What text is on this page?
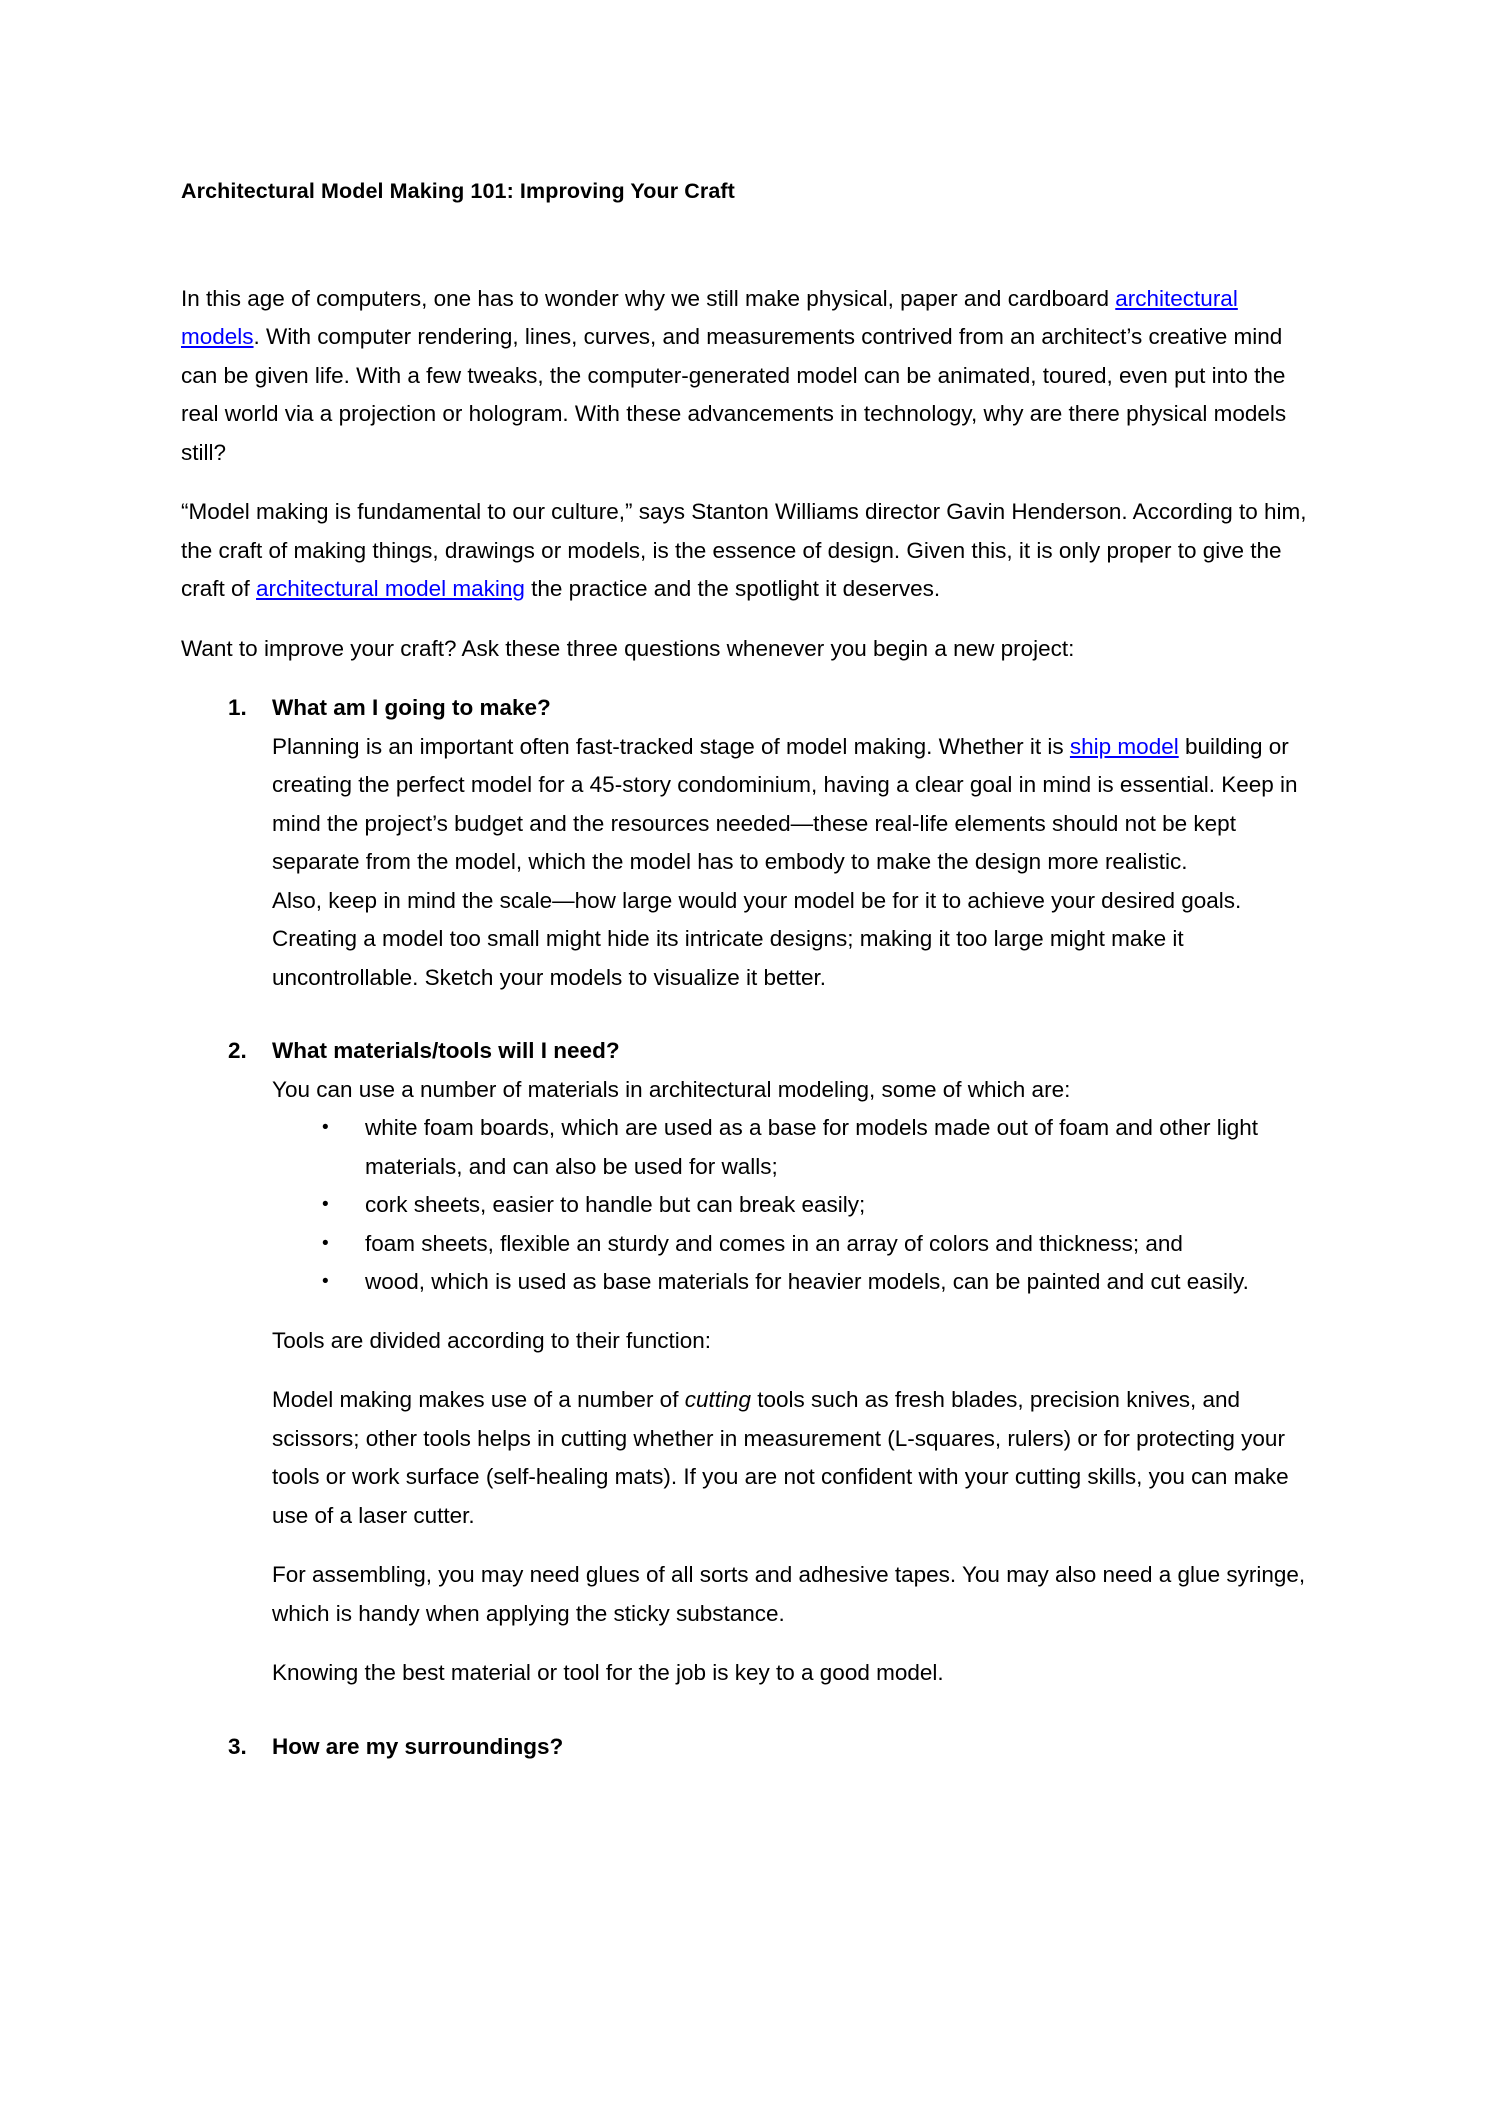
Architectural Model Making 101: Improving Your Craft

In this age of computers, one has to wonder why we still make physical, paper and cardboard architectural models. With computer rendering, lines, curves, and measurements contrived from an architect’s creative mind can be given life. With a few tweaks, the computer-generated model can be animated, toured, even put into the real world via a projection or hologram. With these advancements in technology, why are there physical models still?

“Model making is fundamental to our culture,” says Stanton Williams director Gavin Henderson. According to him, the craft of making things, drawings or models, is the essence of design. Given this, it is only proper to give the craft of architectural model making the practice and the spotlight it deserves.

Want to improve your craft? Ask these three questions whenever you begin a new project:

1. What am I going to make?
Planning is an important often fast-tracked stage of model making. Whether it is ship model building or creating the perfect model for a 45-story condominium, having a clear goal in mind is essential. Keep in mind the project’s budget and the resources needed—these real-life elements should not be kept separate from the model, which the model has to embody to make the design more realistic.
Also, keep in mind the scale—how large would your model be for it to achieve your desired goals. Creating a model too small might hide its intricate designs; making it too large might make it uncontrollable. Sketch your models to visualize it better.
2. What materials/tools will I need?
You can use a number of materials in architectural modeling, some of which are:
• white foam boards, which are used as a base for models made out of foam and other light materials, and can also be used for walls;
• cork sheets, easier to handle but can break easily;
• foam sheets, flexible an sturdy and comes in an array of colors and thickness; and
• wood, which is used as base materials for heavier models, can be painted and cut easily.
Tools are divided according to their function:
Model making makes use of a number of cutting tools such as fresh blades, precision knives, and scissors; other tools helps in cutting whether in measurement (L-squares, rulers) or for protecting your tools or work surface (self-healing mats). If you are not confident with your cutting skills, you can make use of a laser cutter.
For assembling, you may need glues of all sorts and adhesive tapes. You may also need a glue syringe, which is handy when applying the sticky substance.
Knowing the best material or tool for the job is key to a good model.
3. How are my surroundings?
